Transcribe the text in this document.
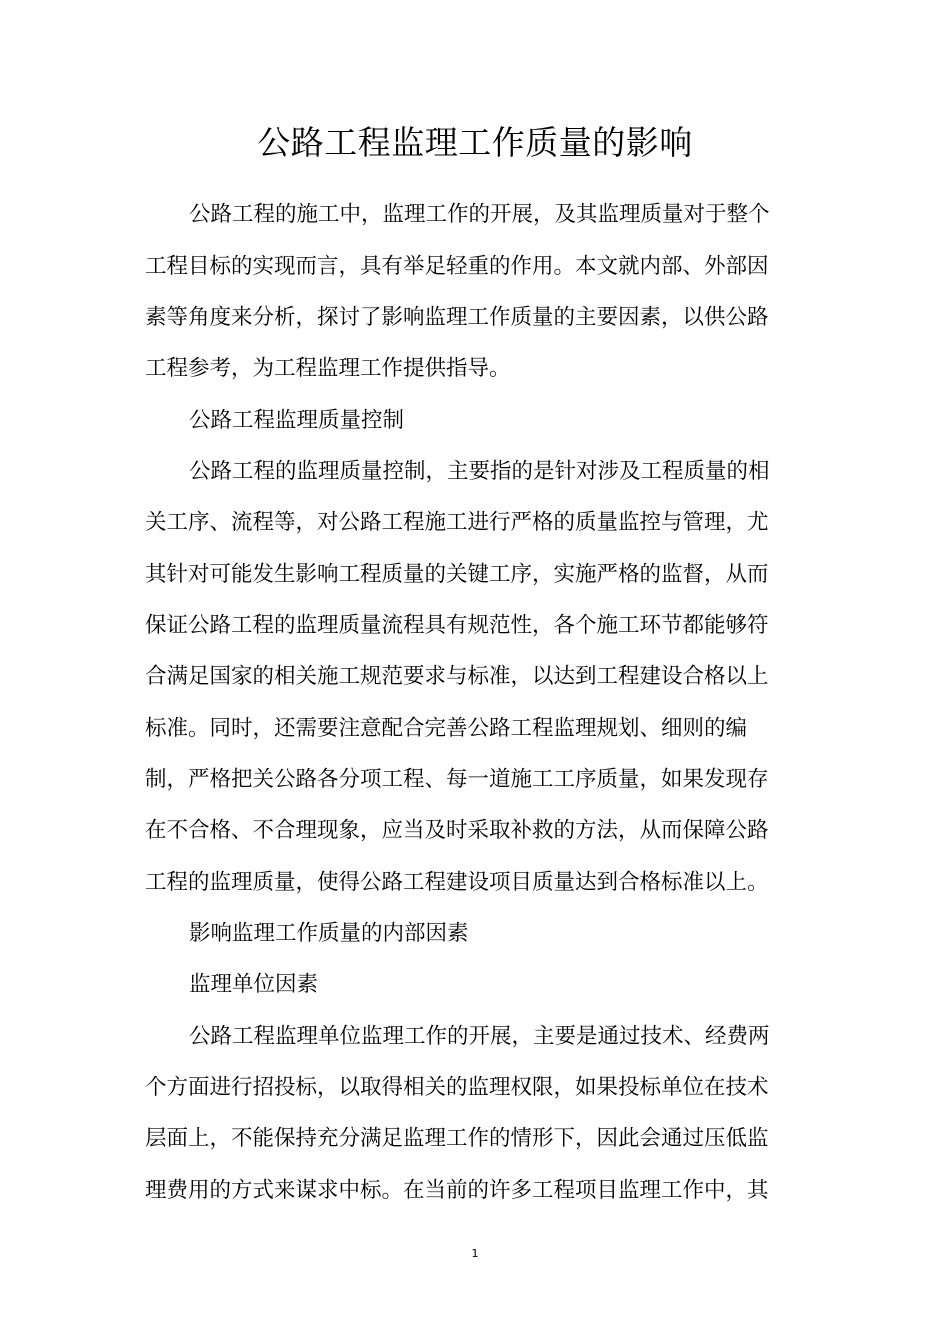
公路工程监理工作质量的影响
公路工程的施工中，监理工作的开展，及其监理质量对于整个
工程目标的实现而言，具有举足轻重的作用。本文就内部、外部因
素等角度来分析，探讨了影响监理工作质量的主要因素，以供公路
工程参考，为工程监理工作提供指导。
公路工程监理质量控制
公路工程的监理质量控制，主要指的是针对涉及工程质量的相
关工序、流程等，对公路工程施工进行严格的质量监控与管理，尤
其针对可能发生影响工程质量的关键工序，实施严格的监督，从而
保证公路工程的监理质量流程具有规范性，各个施工环节都能够符
合满足国家的相关施工规范要求与标准，以达到工程建设合格以上
标准。同时，还需要注意配合完善公路工程监理规划、细则的编
制，严格把关公路各分项工程、每一道施工工序质量，如果发现存
在不合格、不合理现象，应当及时采取补救的方法，从而保障公路
工程的监理质量，使得公路工程建设项目质量达到合格标准以上。
影响监理工作质量的内部因素
监理单位因素
公路工程监理单位监理工作的开展，主要是通过技术、经费两
个方面进行招投标，以取得相关的监理权限，如果投标单位在技术
层面上，不能保持充分满足监理工作的情形下，因此会通过压低监
理费用的方式来谋求中标。在当前的许多工程项目监理工作中，其
1
